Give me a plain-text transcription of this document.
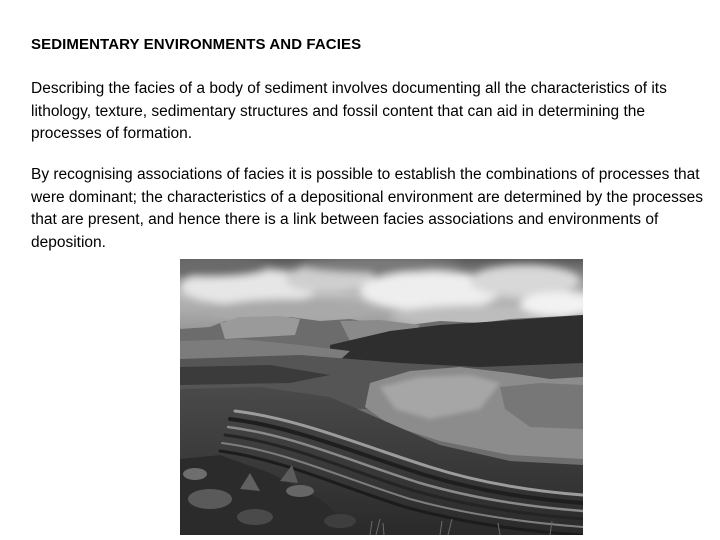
SEDIMENTARY ENVIRONMENTS AND FACIES

Describing the facies of a body of sediment involves documenting all the characteristics of its lithology, texture, sedimentary structures and fossil content that can aid in determining the processes of formation.

By recognising associations of facies it is possible to establish the combinations of processes that were dominant; the characteristics of a depositional environment are determined by the processes that are present, and hence there is a link between facies associations and environments of deposition.
